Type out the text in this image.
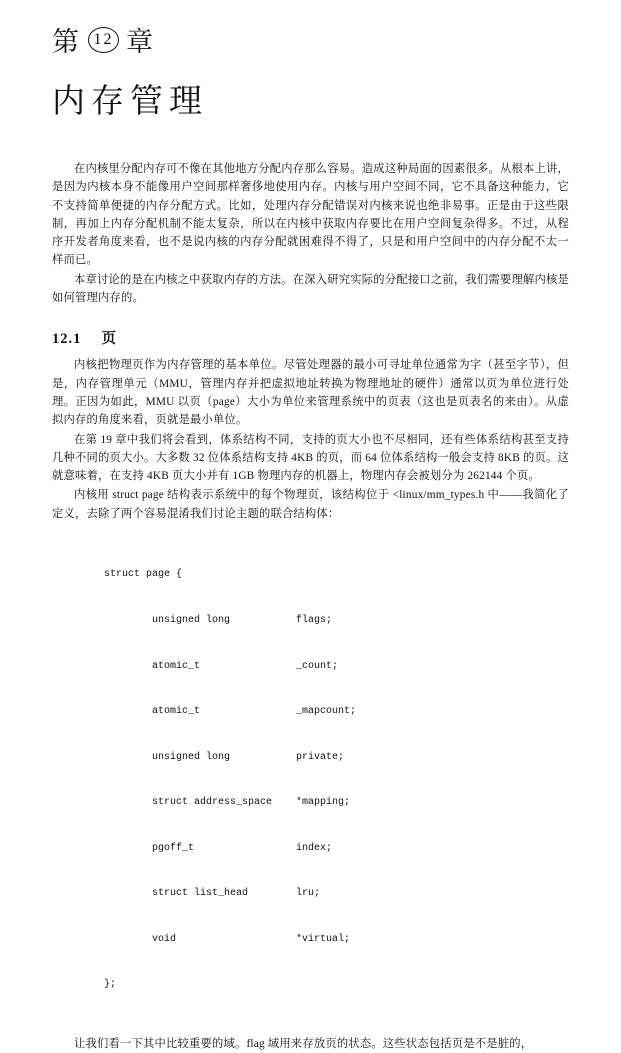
第 12 章
内存管理

在内核里分配内存可不像在其他地方分配内存那么容易。造成这种局面的因素很多。从根本上讲，是因为内核本身不能像用户空间那样奢侈地使用内存。内核与用户空间不同，它不具备这种能力，它不支持简单便捷的内存分配方式。比如，处理内存分配错误对内核来说也绝非易事。正是由于这些限制，再加上内存分配机制不能太复杂，所以在内核中获取内存要比在用户空间复杂得多。不过，从程序开发者角度来看，也不是说内核的内存分配就困难得不得了，只是和用户空间中的内存分配不太一样而已。

本章讨论的是在内核之中获取内存的方法。在深入研究实际的分配接口之前，我们需要理解内核是如何管理内存的。

12.1 页

内核把物理页作为内存管理的基本单位。尽管处理器的最小可寻址单位通常为字（甚至字节），但是，内存管理单元（MMU，管理内存并把虚拟地址转换为物理地址的硬件）通常以页为单位进行处理。正因为如此，MMU 以页（page）大小为单位来管理系统中的页表（这也是页表名的来由）。从虚拟内存的角度来看，页就是最小单位。

在第 19 章中我们将会看到，体系结构不同，支持的页大小也不尽相同，还有些体系结构甚至支持几种不同的页大小。大多数 32 位体系结构支持 4KB 的页，而 64 位体系结构一般会支持 8KB 的页。这就意味着，在支持 4KB 页大小并有 1GB 物理内存的机器上，物理内存会被划分为 262144 个页。

内核用 struct page 结构表示系统中的每个物理页，该结构位于 <linux/mm_types.h 中——我简化了定义，去除了两个容易混淆我们讨论主题的联合结构体：

struct page {

unsigned long           flags;

atomic_t                _count;

atomic_t                _mapcount;

unsigned long           private;

struct address_space    *mapping;

pgoff_t                 index;

struct list_head        lru;

void                    *virtual;

};

让我们看一下其中比较重要的域。flag 域用来存放页的状态。这些状态包括页是不是脏的，
